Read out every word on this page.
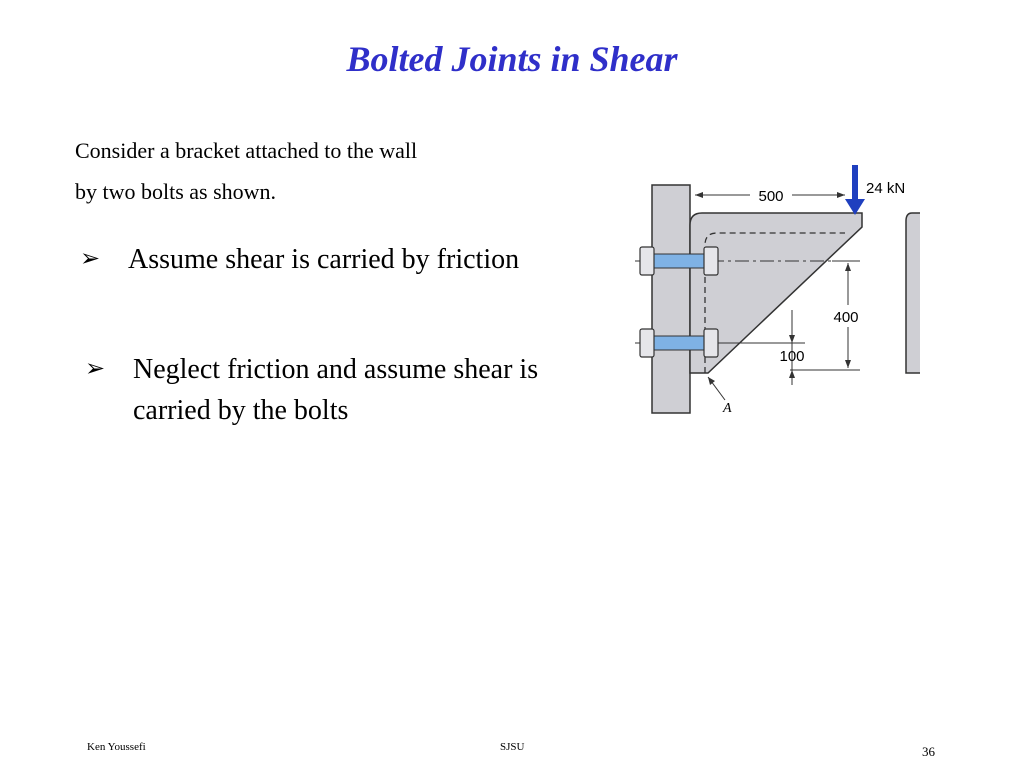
Bolted Joints in Shear
Consider a bracket attached to the wall
by two bolts as shown.
➢ Assume shear is carried by friction
➢ Neglect friction and assume shear is carried by the bolts
500	24 kN
400
100
A
Ken Youssefi	SJSU	36
